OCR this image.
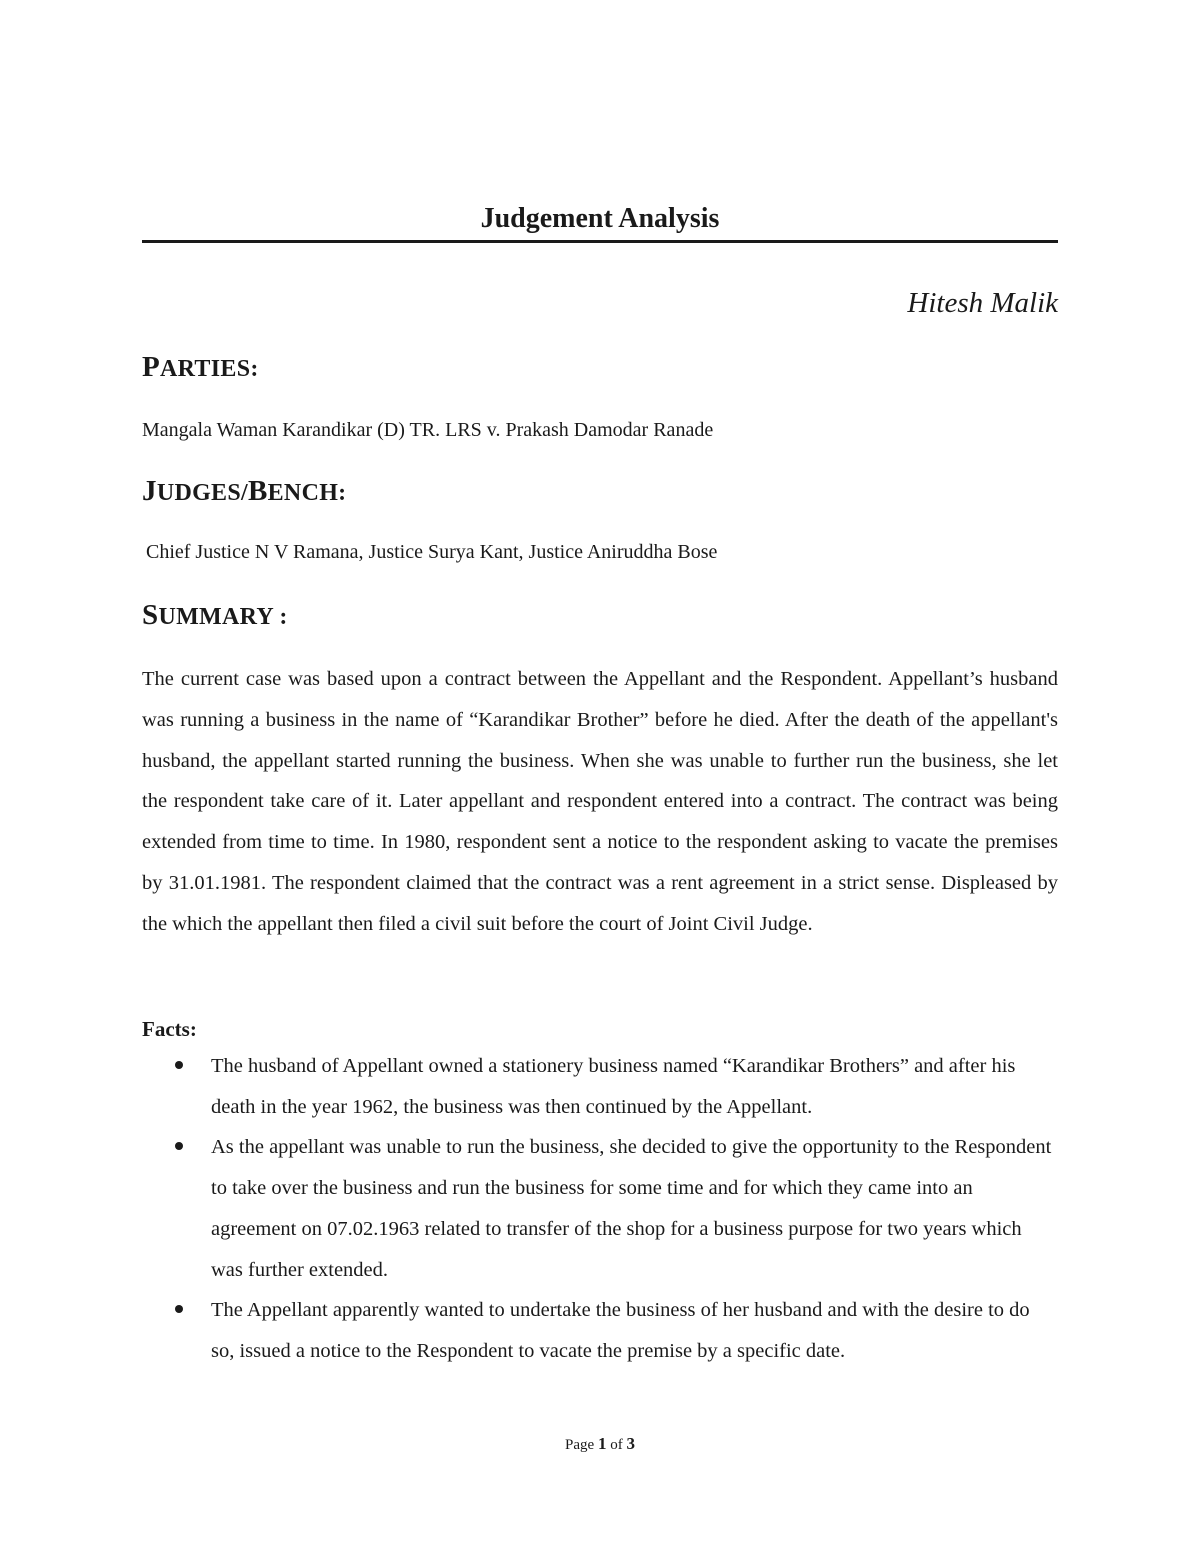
Judgement Analysis
Hitesh Malik
PARTIES:
Mangala Waman Karandikar (D) TR. LRS v. Prakash Damodar Ranade
JUDGES/BENCH:
Chief Justice N V Ramana, Justice Surya Kant, Justice Aniruddha Bose
SUMMARY :

The current case was based upon a contract between the Appellant and the Respondent. Appellant’s husband was running a business in the name of “Karandikar Brother” before he died. After the death of the appellant's husband, the appellant started running the business. When she was unable to further run the business, she let the respondent take care of it. Later appellant and respondent entered into a contract. The contract was being extended from time to time. In 1980, respondent sent a notice to the respondent asking to vacate the premises by 31.01.1981. The respondent claimed that the contract was a rent agreement in a strict sense. Displeased by the which the appellant then filed a civil suit before the court of Joint Civil Judge.

Facts:
The husband of Appellant owned a stationery business named “Karandikar Brothers” and after his death in the year 1962, the business was then continued by the Appellant.
As the appellant was unable to run the business, she decided to give the opportunity to the Respondent to take over the business and run the business for some time and for which they came into an agreement on 07.02.1963 related to transfer of the shop for a business purpose for two years which was further extended.
The Appellant apparently wanted to undertake the business of her husband and with the desire to do so, issued a notice to the Respondent to vacate the premise by a specific date.
Page 1 of 3
